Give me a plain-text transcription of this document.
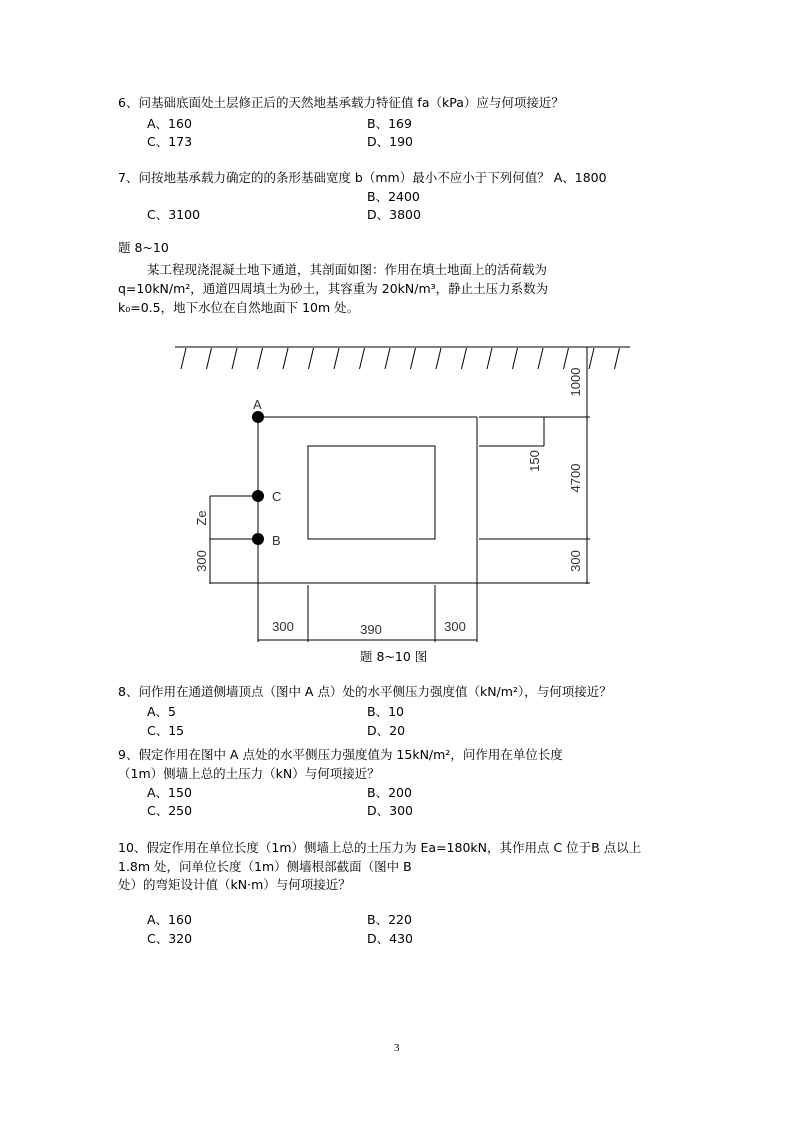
6、问基础底面处土层修正后的天然地基承载力特征值 fa（kPa）应与何项接近？
A、160	B、169
C、173	D、190
7、问按地基承载力确定的的条形基础宽度 b（mm）最小不应小于下列何值？ A、1800
B、2400
C、3100	D、3800
题 8~10
某工程现浇混凝土地下通道，其剖面如图：作用在填土地面上的活荷载为
q=10kN/m²，通道四周填土为砂土，其容重为 20kN/m³，静止土压力系数为
k₀=0.5，地下水位在自然地面下 10m 处。
A
C
B
1000
150
4700
300
Ze
300
300	390	300
题 8~10 图
8、问作用在通道侧墙顶点（图中 A 点）处的水平侧压力强度值（kN/m²），与何项接近？
A、5	B、10
C、15	D、20
9、假定作用在图中 A 点处的水平侧压力强度值为 15kN/m²，问作用在单位长度
（1m）侧墙上总的土压力（kN）与何项接近？
A、150	B、200
C、250	D、300
10、假定作用在单位长度（1m）侧墙上总的土压力为 Ea=180kN，其作用点 C 位于B 点以上
1.8m 处，问单位长度（1m）侧墙根部截面（图中 B
处）的弯矩设计值（kN·m）与何项接近？
A、160	B、220
C、320	D、430
3
